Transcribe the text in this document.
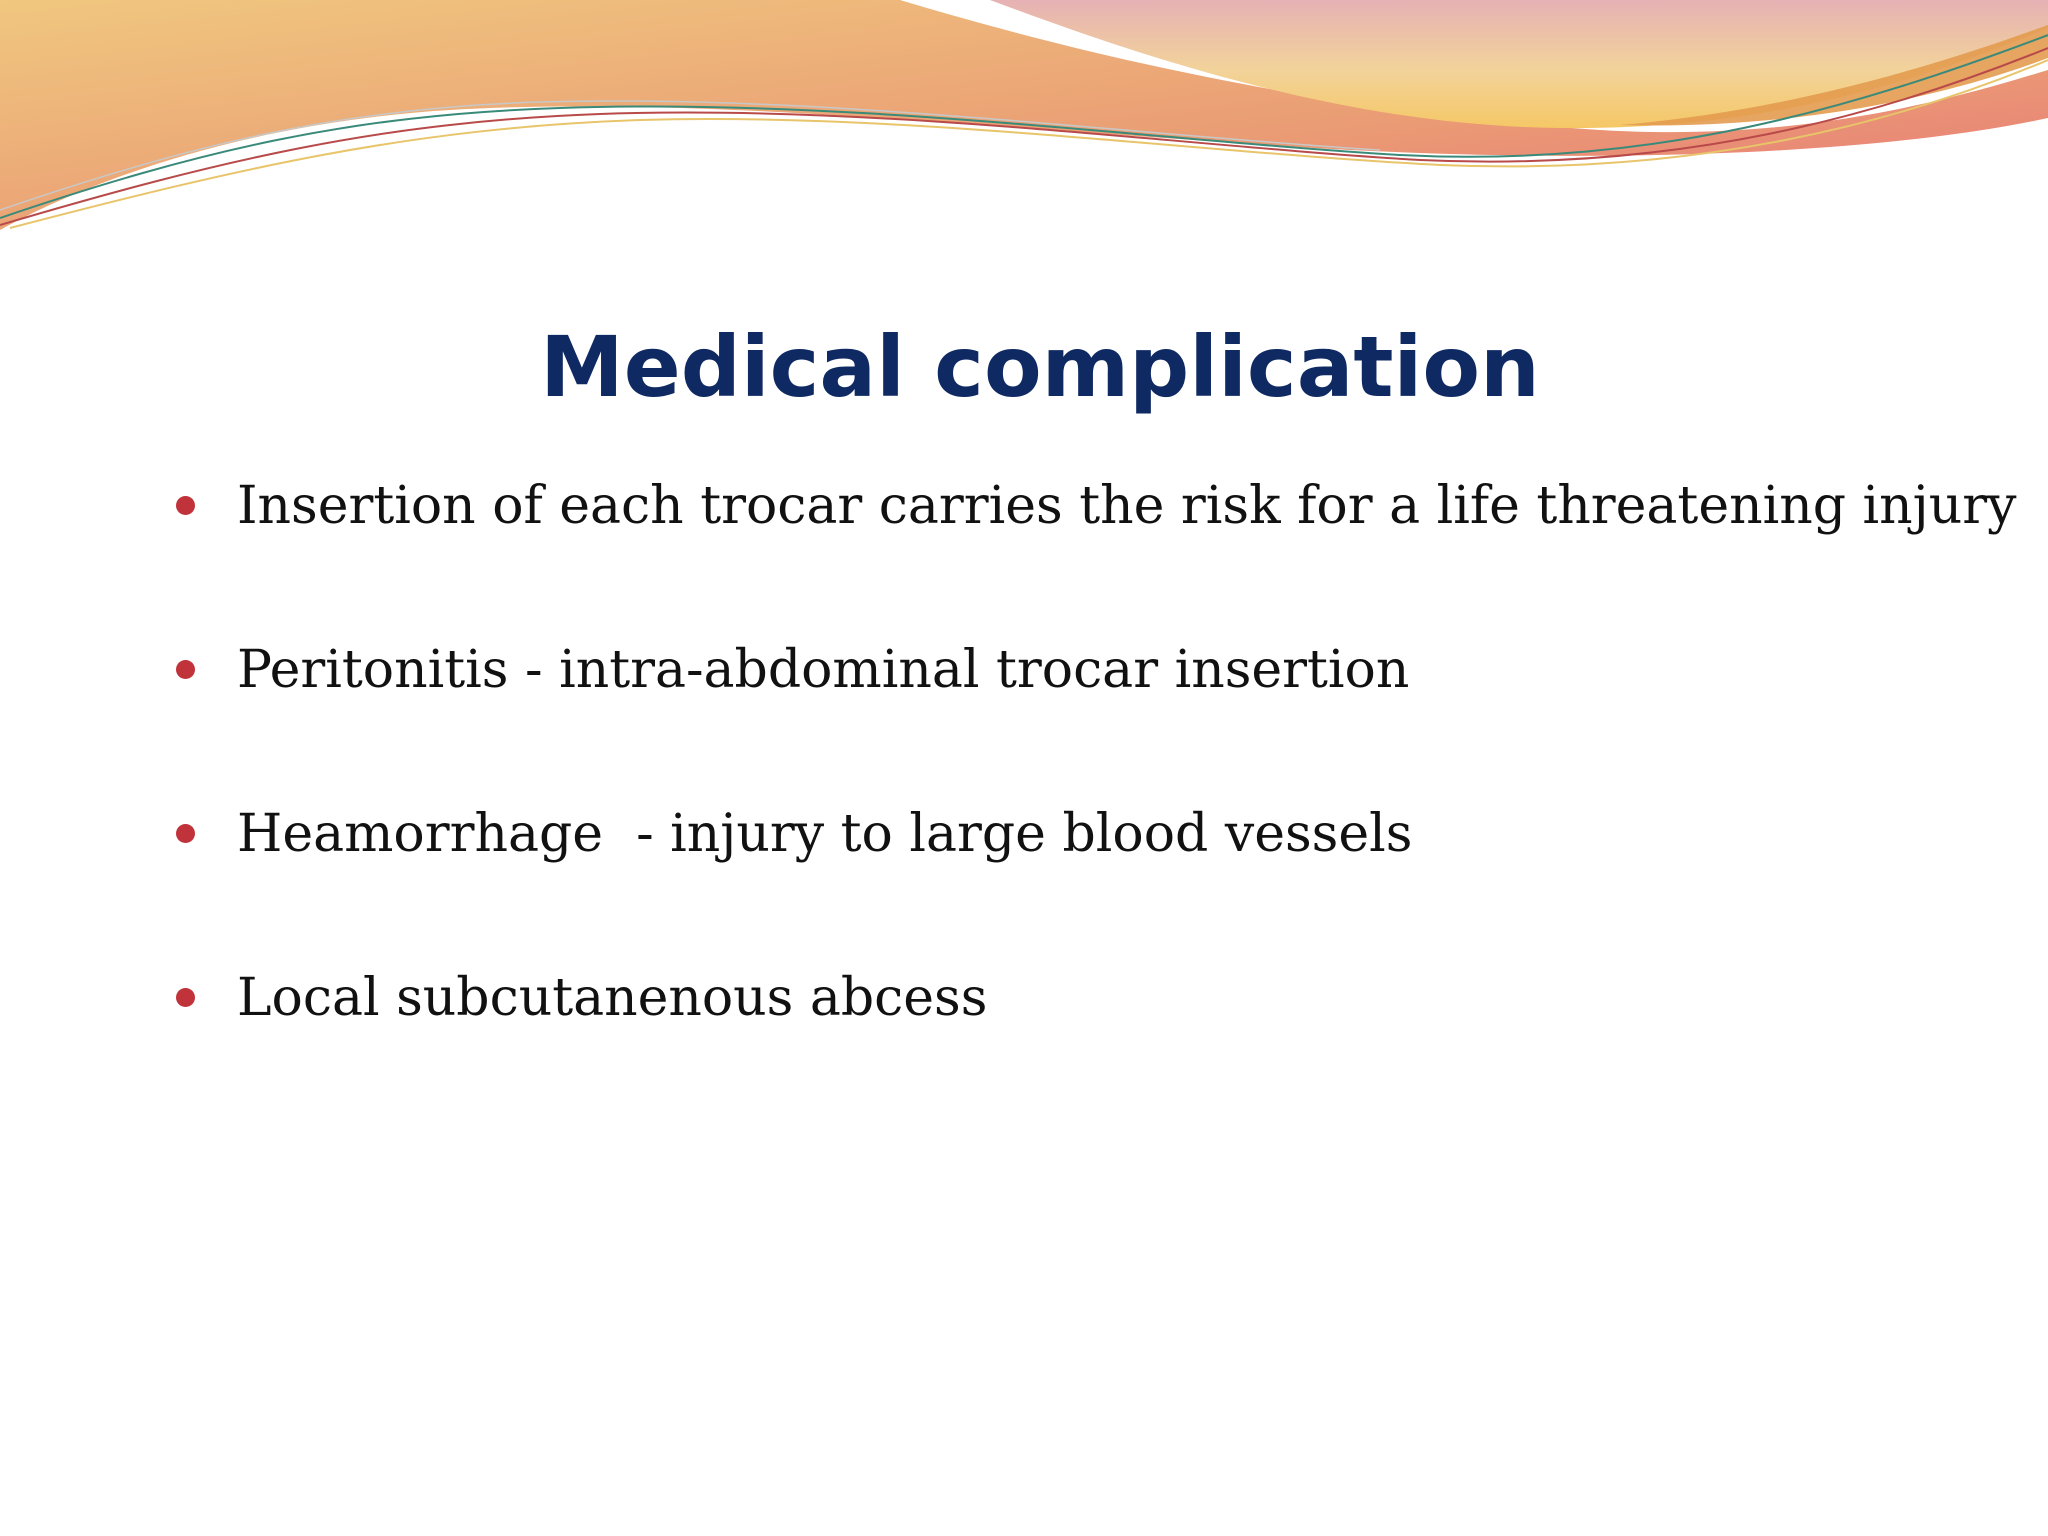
Medical complication
Insertion of each trocar carries the risk for a life threatening injury
Peritonitis - intra-abdominal trocar insertion
Heamorrhage  - injury to large blood vessels
Local subcutanenous abcess
